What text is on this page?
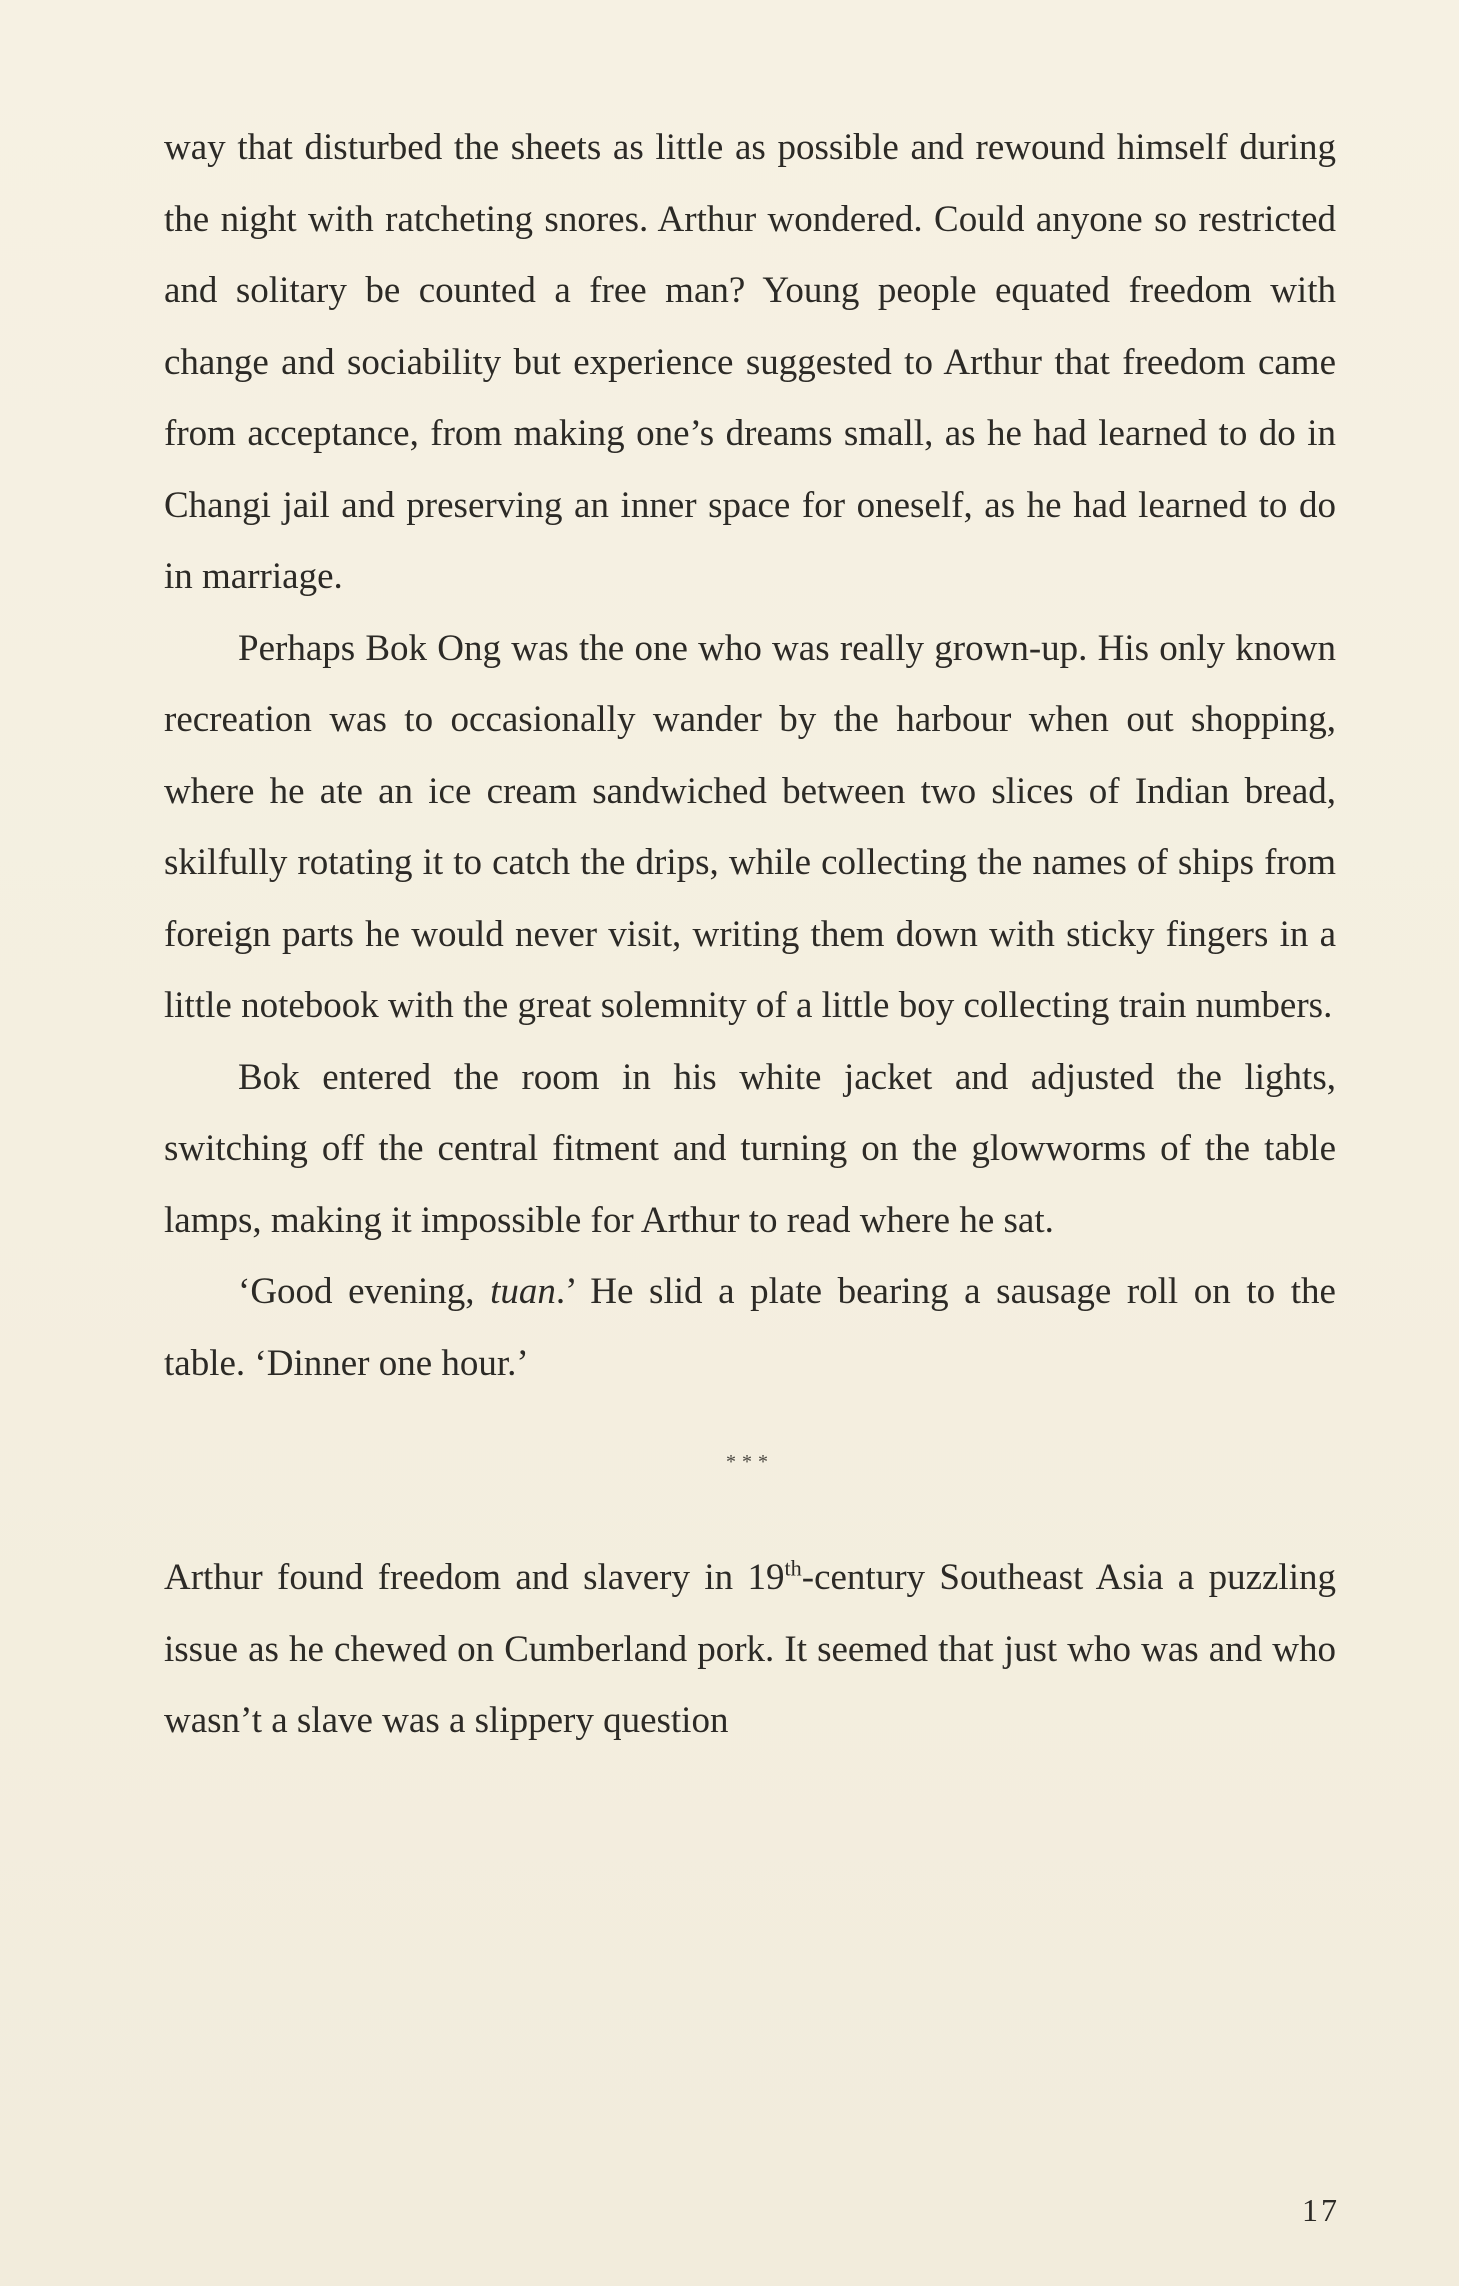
way that disturbed the sheets as little as possible and rewound himself during the night with ratcheting snores. Arthur wondered. Could anyone so restricted and solitary be counted a free man? Young people equated freedom with change and sociability but experience suggested to Arthur that freedom came from acceptance, from making one’s dreams small, as he had learned to do in Changi jail and preserving an inner space for oneself, as he had learned to do in marriage.

Perhaps Bok Ong was the one who was really grown-up. His only known recreation was to occasionally wander by the harbour when out shopping, where he ate an ice cream sandwiched between two slices of Indian bread, skilfully rotating it to catch the drips, while collecting the names of ships from foreign parts he would never visit, writing them down with sticky fingers in a little notebook with the great solemnity of a little boy collecting train numbers.

Bok entered the room in his white jacket and adjusted the lights, switching off the central fitment and turning on the glowworms of the table lamps, making it impossible for Arthur to read where he sat.

‘Good evening, tuan.’ He slid a plate bearing a sausage roll on to the table. ‘Dinner one hour.’

***

Arthur found freedom and slavery in 19th-century Southeast Asia a puzzling issue as he chewed on Cumberland pork. It seemed that just who was and who wasn’t a slave was a slippery question

17
